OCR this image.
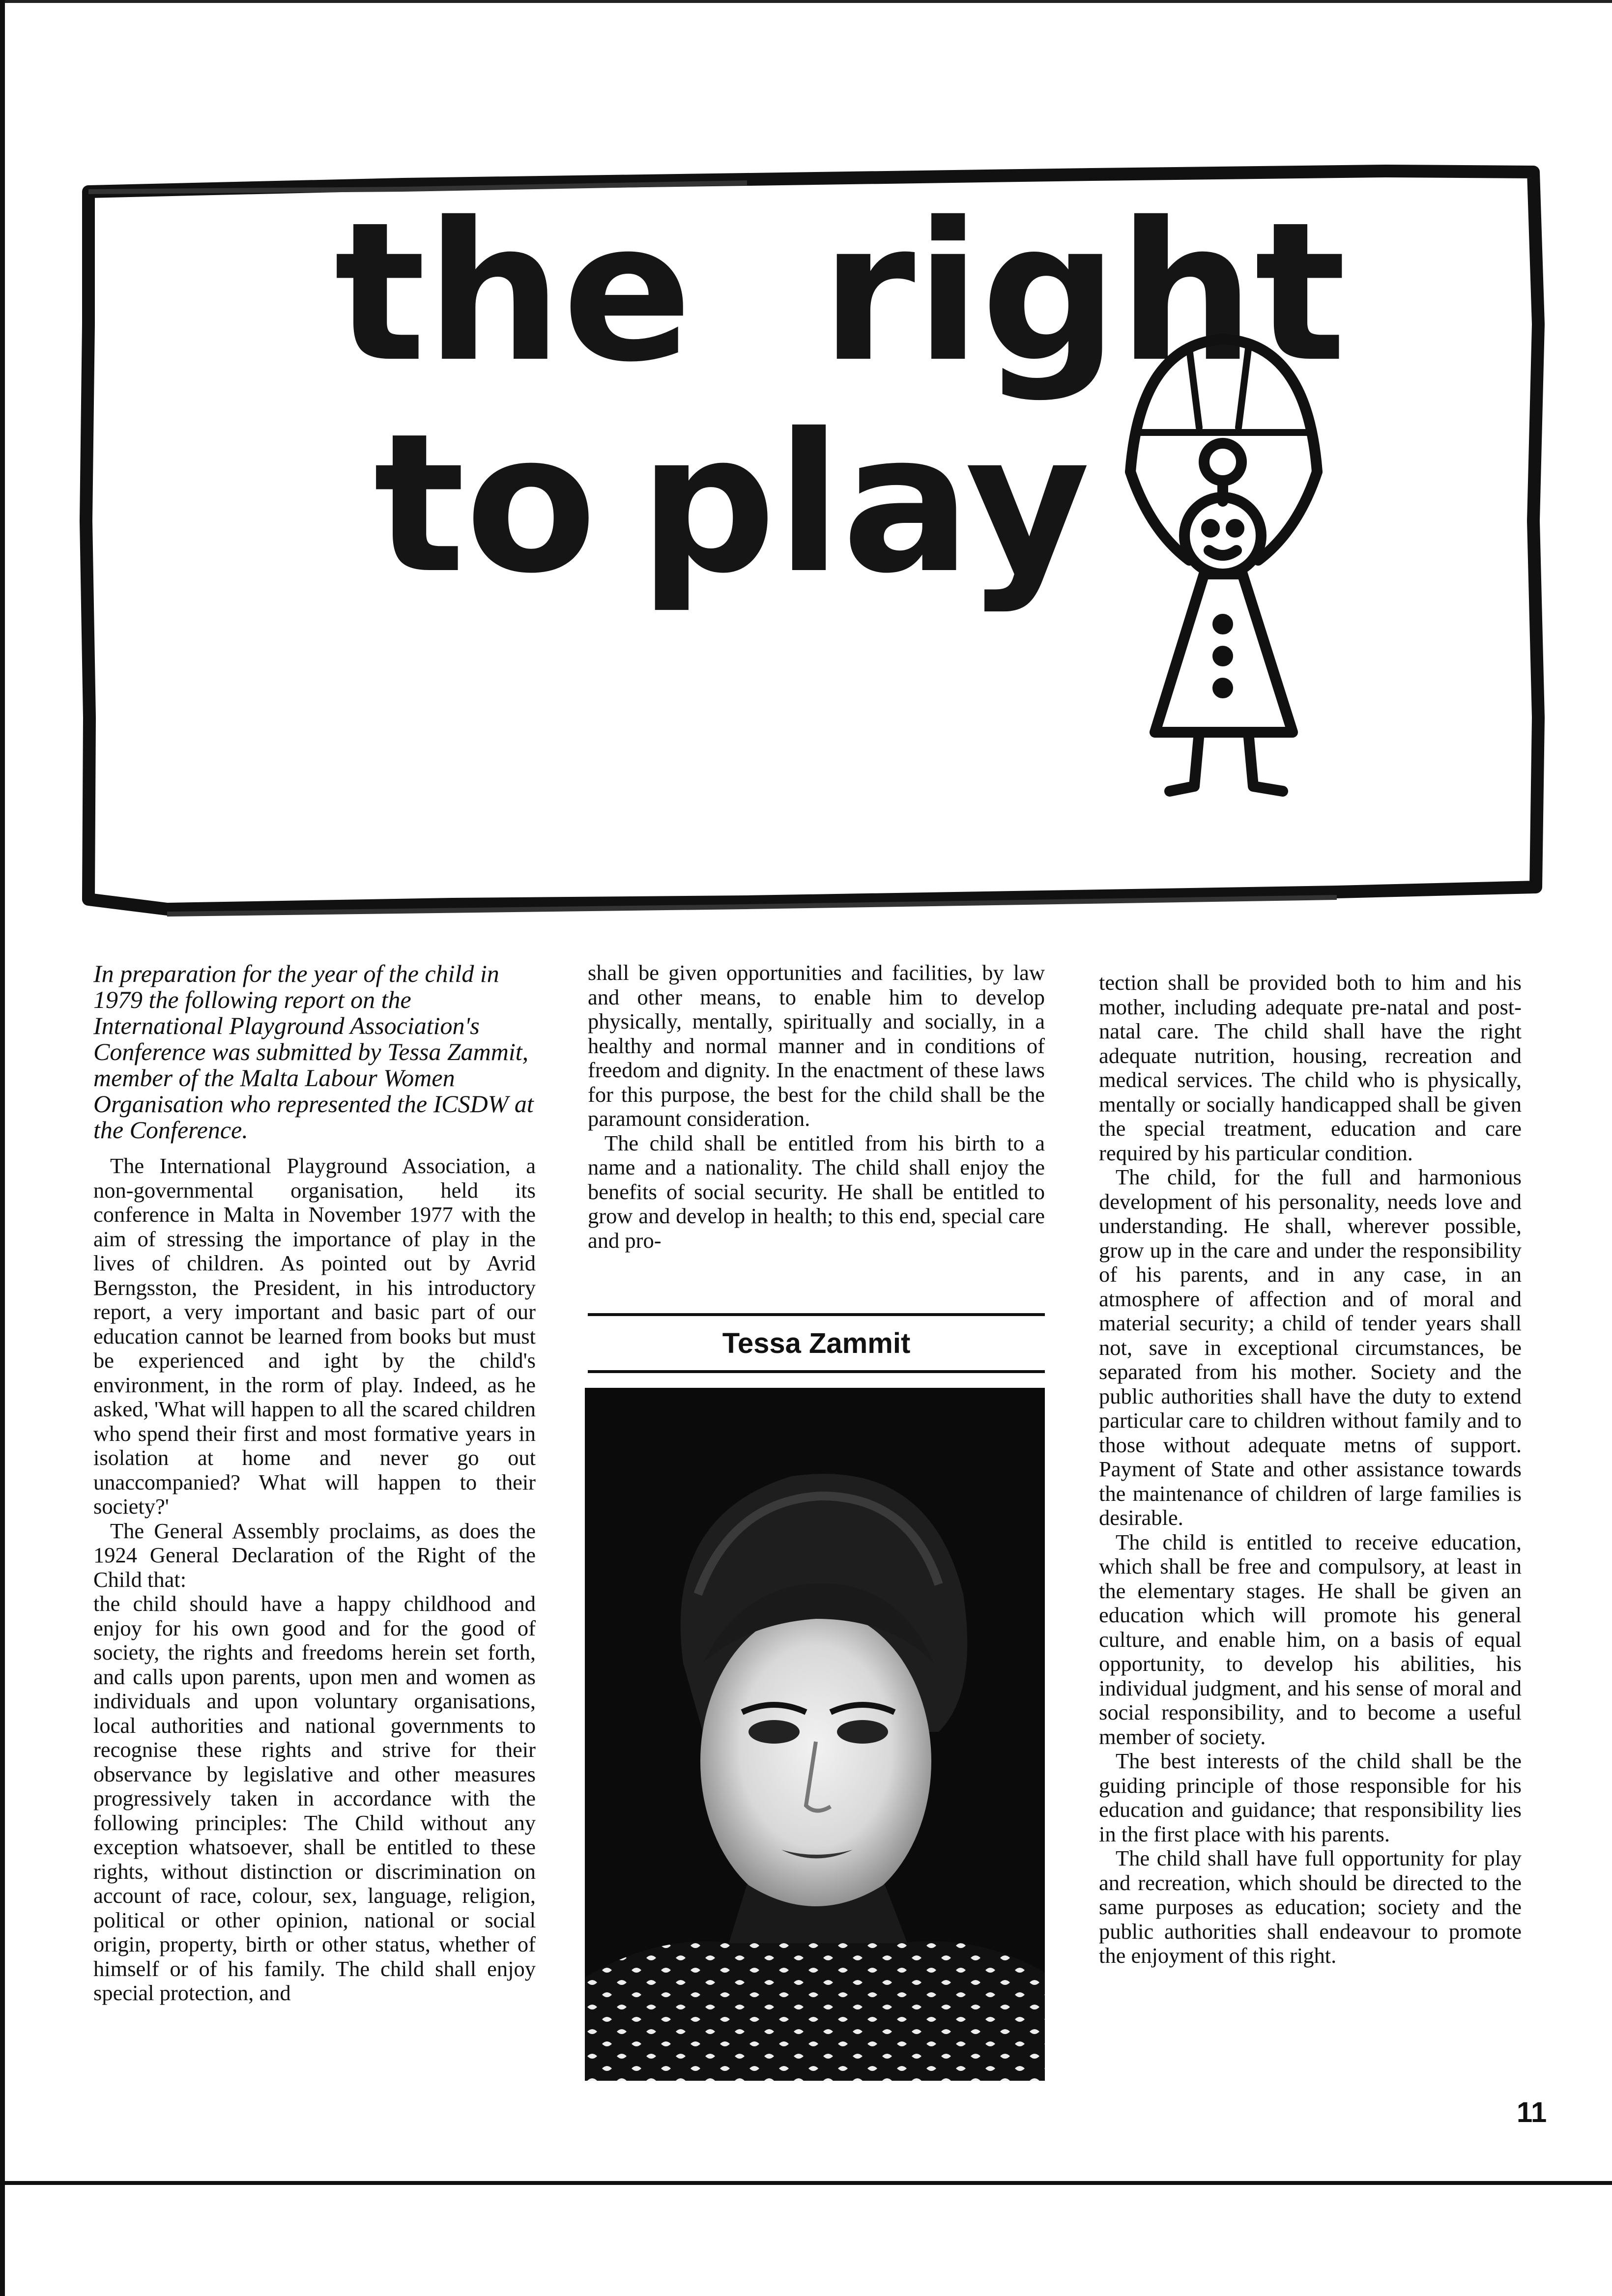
the right
to play

In preparation for the year of the child in 1979 the following report on the International Playground Association's Conference was submitted by Tessa Zammit, member of the Malta Labour Women Organisation who represented the ICSDW at the Conference.

The International Playground Association, a non-governmental organisation, held its conference in Malta in November 1977 with the aim of stressing the importance of play in the lives of children. As pointed out by Avrid Berngsston, the President, in his introductory report, a very important and basic part of our education cannot be learned from books but must be experienced and ight by the child's environment, in the rorm of play. Indeed, as he asked, 'What will happen to all the scared children who spend their first and most formative years in isolation at home and never go out unaccompanied? What will happen to their society?'

The General Assembly proclaims, as does the 1924 General Declaration of the Right of the Child that:

the child should have a happy childhood and enjoy for his own good and for the good of society, the rights and freedoms herein set forth, and calls upon parents, upon men and women as individuals and upon voluntary organisations, local authorities and national governments to recognise these rights and strive for their observance by legislative and other measures progressively taken in accordance with the following principles: The Child without any exception whatsoever, shall be entitled to these rights, without distinction or discrimination on account of race, colour, sex, language, religion, political or other opinion, national or social origin, property, birth or other status, whether of himself or of his family. The child shall enjoy special protection, and

shall be given opportunities and facilities, by law and other means, to enable him to develop physically, mentally, spiritually and socially, in a healthy and normal manner and in conditions of freedom and dignity. In the enactment of these laws for this purpose, the best for the child shall be the paramount consideration.

The child shall be entitled from his birth to a name and a nationality. The child shall enjoy the benefits of social security. He shall be entitled to grow and develop in health; to this end, special care and pro-

Tessa Zammit

tection shall be provided both to him and his mother, including adequate pre-natal and post-natal care. The child shall have the right adequate nutrition, housing, recreation and medical services. The child who is physically, mentally or socially handicapped shall be given the special treatment, education and care required by his particular condition.

The child, for the full and harmonious development of his personality, needs love and understanding. He shall, wherever possible, grow up in the care and under the responsibility of his parents, and in any case, in an atmosphere of affection and of moral and material security; a child of tender years shall not, save in exceptional circumstances, be separated from his mother. Society and the public authorities shall have the duty to extend particular care to children without family and to those without adequate metns of support. Payment of State and other assistance towards the maintenance of children of large families is desirable.

The child is entitled to receive education, which shall be free and compulsory, at least in the elementary stages. He shall be given an education which will promote his general culture, and enable him, on a basis of equal opportunity, to develop his abilities, his individual judgment, and his sense of moral and social responsibility, and to become a useful member of society.

The best interests of the child shall be the guiding principle of those responsible for his education and guidance; that responsibility lies in the first place with his parents.

The child shall have full opportunity for play and recreation, which should be directed to the same purposes as education; society and the public authorities shall endeavour to promote the enjoyment of this right.

11
